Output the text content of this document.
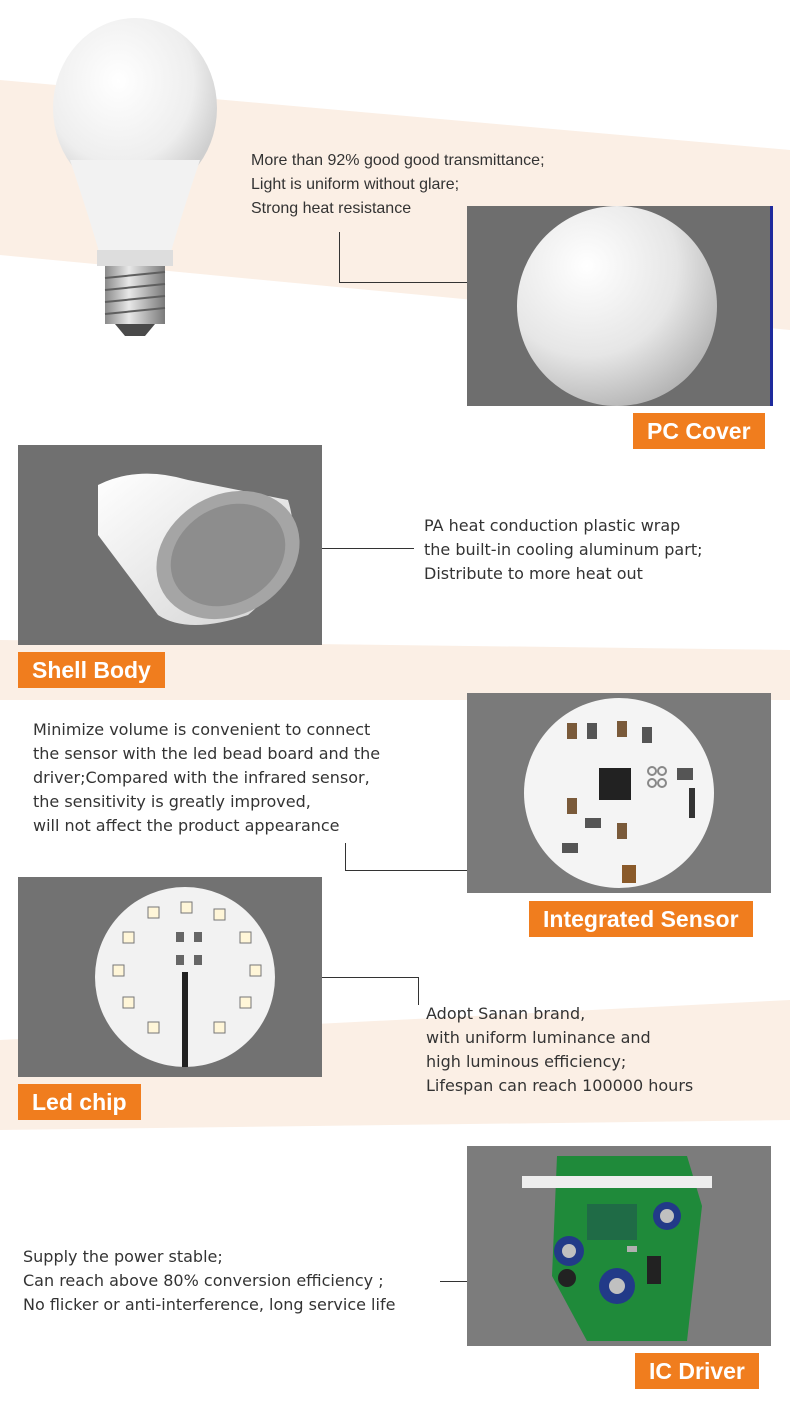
More than 92% good good transmittance;

Light is uniform without glare;

Strong heat resistance

PC Cover

PA heat conduction plastic wrap

the built-in cooling aluminum part;

Distribute to more heat out

Shell Body

Minimize volume is convenient to connect

the sensor with the led bead board and the

driver;Compared with the infrared sensor,

the sensitivity is greatly improved,

will not affect the product appearance

Integrated Sensor

Adopt Sanan brand,

with uniform luminance and

high luminous efficiency;

Lifespan can reach 100000 hours

Led chip

Supply the power stable;

Can reach above 80% conversion efficiency ;

No flicker or anti-interference, long service life

IC Driver
